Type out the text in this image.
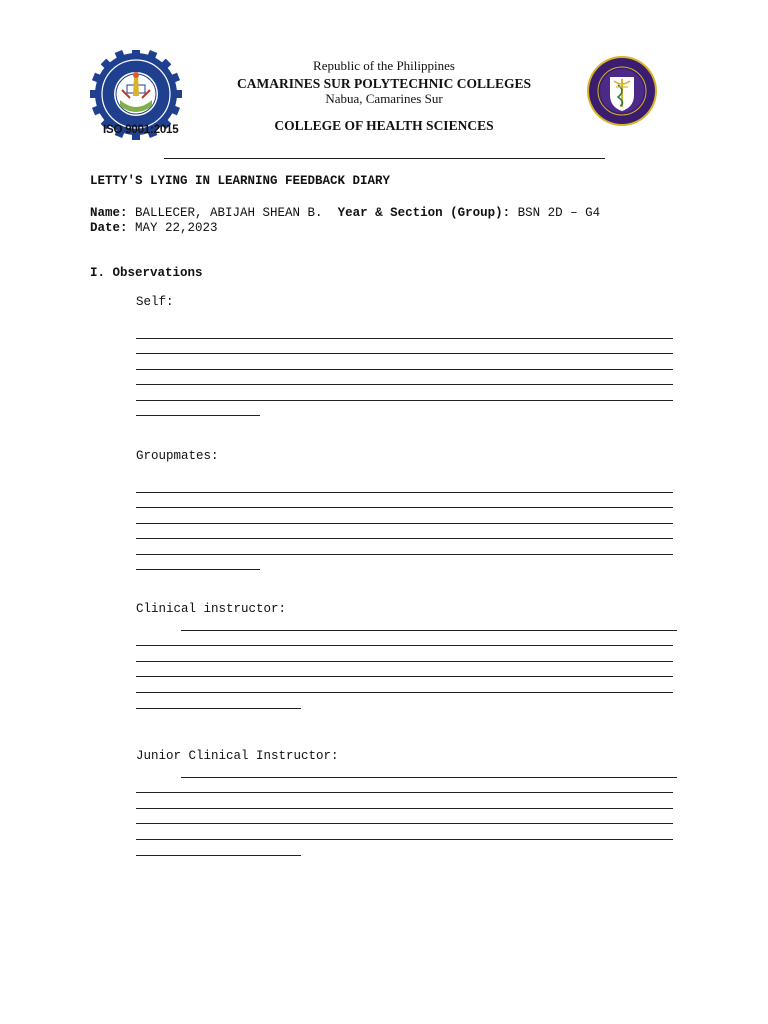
ISO 9001:2015
Republic of the Philippines
CAMARINES SUR POLYTECHNIC COLLEGES
Nabua, Camarines Sur
COLLEGE OF HEALTH SCIENCES
LETTY'S LYING IN LEARNING FEEDBACK DIARY
Name: BALLECER, ABIJAH SHEAN B. Year & Section (Group): BSN 2D – G4
Date: MAY 22,2023
I. Observations
Self:
Groupmates:
Clinical instructor:
Junior Clinical Instructor:
